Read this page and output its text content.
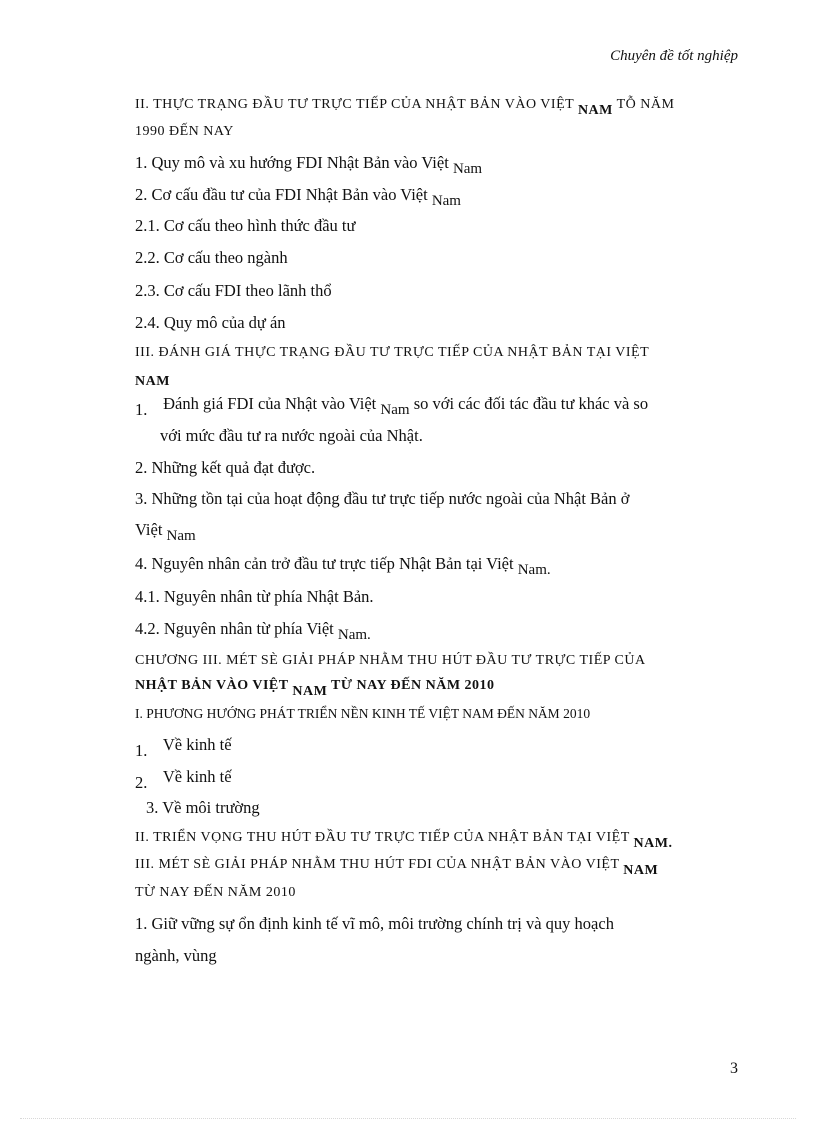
Chuyên đề tốt nghiệp
II. THỰC TRẠNG ĐẦU TƯ TRỰC TIẾP CỦA NHẬT BẢN VÀO VIỆT NAM TỖ NĂM
1990 ĐẾN NAY
1. Quy mô và xu hướng FDI Nhật Bản vào Việt Nam
2. Cơ cấu đầu tư của FDI Nhật Bản vào Việt Nam
2.1. Cơ cấu theo hình thức đầu tư
2.2. Cơ cấu theo ngành
2.3. Cơ cấu FDI theo lãnh thổ
2.4. Quy mô của dự án
III. ĐÁNH GIÁ THỰC TRẠNG ĐẦU TƯ TRỰC TIẾP CỦA NHẬT BẢN TẠI VIỆT
NAM
1. Đánh giá FDI của Nhật vào Việt Nam so với các đối tác đầu tư khác và so
với mức đầu tư ra nước ngoài của Nhật.
2. Những kết quả đạt được.
3. Những tồn tại của hoạt động đầu tư trực tiếp nước ngoài của Nhật Bản ở
Việt Nam
4. Nguyên nhân cản trở đầu tư trực tiếp Nhật Bản tại Việt Nam.
4.1. Nguyên nhân từ phía Nhật Bản.
4.2. Nguyên nhân từ phía Việt Nam.
CHƯƠNG III. MÉT SÈ GIẢI PHÁP NHẰM THU HÚT ĐẦU TƯ TRỰC TIẾP CỦA
NHẬT BẢN VÀO VIỆT NAM TỪ NAY ĐẾN NĂM 2010
I. PHƯƠNG HƯỚNG PHÁT TRIỂN NỀN KINH TẾ VIỆT NAM ĐẾN NĂM 2010
1. Về kinh tế
2. Về kinh tế
3. Về môi trường
II. TRIỂN VỌNG THU HÚT ĐẦU TƯ TRỰC TIẾP CỦA NHẬT BẢN TẠI VIỆT NAM.
III. MÉT SÈ GIẢI PHÁP NHẰM THU HÚT FDI CỦA NHẬT BẢN VÀO VIỆT NAM
TỪ NAY ĐẾN NĂM 2010
1. Giữ vững sự ổn định kinh tế vĩ mô, môi trường chính trị và quy hoạch
ngành, vùng
3
